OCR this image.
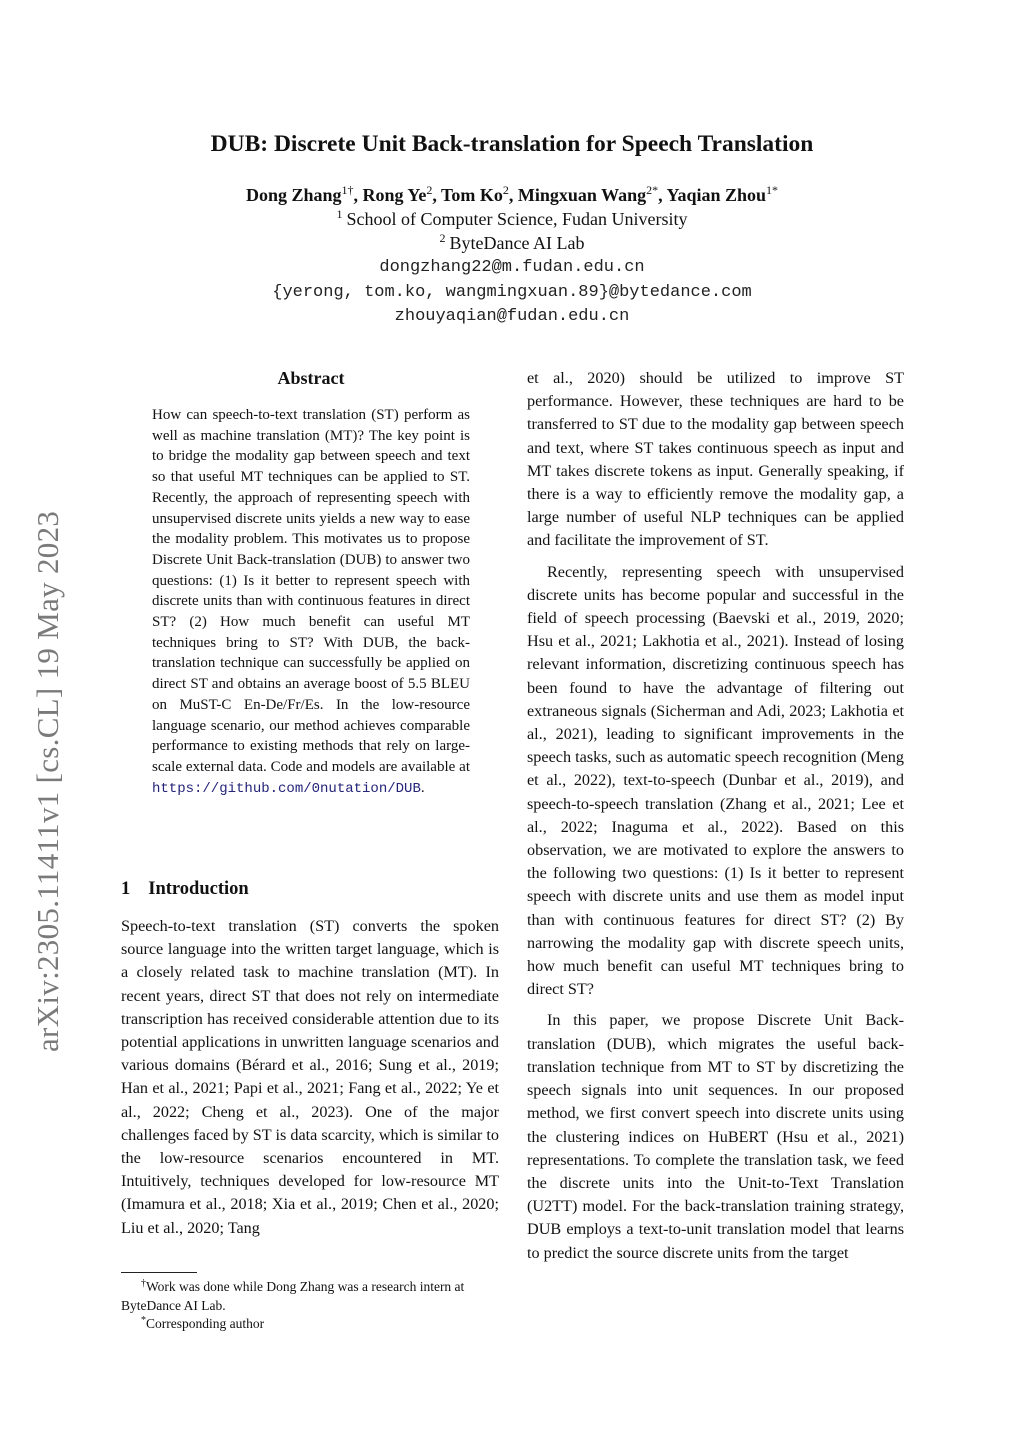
arXiv:2305.11411v1 [cs.CL] 19 May 2023
DUB: Discrete Unit Back-translation for Speech Translation
Dong Zhang$^{1\dagger}$, Rong Ye$^2$, Tom Ko$^2$, Mingxuan Wang$^{2*}$, Yaqian Zhou$^{1*}$
$^1$ School of Computer Science, Fudan University
$^2$ ByteDance AI Lab
dongzhang22@m.fudan.edu.cn
{yerong, tom.ko, wangmingxuan.89}@bytedance.com
zhouyaqian@fudan.edu.cn
Abstract

How can speech-to-text translation (ST) perform as well as machine translation (MT)? The key point is to bridge the modality gap between speech and text so that useful MT techniques can be applied to ST. Recently, the approach of representing speech with unsupervised discrete units yields a new way to ease the modality problem. This motivates us to propose Discrete Unit Back-translation (DUB) to answer two questions: (1) Is it better to represent speech with discrete units than with continuous features in direct ST? (2) How much benefit can useful MT techniques bring to ST? With DUB, the back-translation technique can successfully be applied on direct ST and obtains an average boost of 5.5 BLEU on MuST-C En-De/Fr/Es. In the low-resource language scenario, our method achieves comparable performance to existing methods that rely on large-scale external data. Code and models are available at https://github.com/0nutation/DUB.

1 Introduction

Speech-to-text translation (ST) converts the spoken source language into the written target language, which is a closely related task to machine translation (MT). In recent years, direct ST that does not rely on intermediate transcription has received considerable attention due to its potential applications in unwritten language scenarios and various domains (Bérard et al., 2016; Sung et al., 2019; Han et al., 2021; Papi et al., 2021; Fang et al., 2022; Ye et al., 2022; Cheng et al., 2023). One of the major challenges faced by ST is data scarcity, which is similar to the low-resource scenarios encountered in MT. Intuitively, techniques developed for low-resource MT (Imamura et al., 2018; Xia et al., 2019; Chen et al., 2020; Liu et al., 2020; Tang

et al., 2020) should be utilized to improve ST performance. However, these techniques are hard to be transferred to ST due to the modality gap between speech and text, where ST takes continuous speech as input and MT takes discrete tokens as input. Generally speaking, if there is a way to efficiently remove the modality gap, a large number of useful NLP techniques can be applied and facilitate the improvement of ST.

Recently, representing speech with unsupervised discrete units has become popular and successful in the field of speech processing (Baevski et al., 2019, 2020; Hsu et al., 2021; Lakhotia et al., 2021). Instead of losing relevant information, discretizing continuous speech has been found to have the advantage of filtering out extraneous signals (Sicherman and Adi, 2023; Lakhotia et al., 2021), leading to significant improvements in the speech tasks, such as automatic speech recognition (Meng et al., 2022), text-to-speech (Dunbar et al., 2019), and speech-to-speech translation (Zhang et al., 2021; Lee et al., 2022; Inaguma et al., 2022). Based on this observation, we are motivated to explore the answers to the following two questions: (1) Is it better to represent speech with discrete units and use them as model input than with continuous features for direct ST? (2) By narrowing the modality gap with discrete speech units, how much benefit can useful MT techniques bring to direct ST?

In this paper, we propose Discrete Unit Back-translation (DUB), which migrates the useful back-translation technique from MT to ST by discretizing the speech signals into unit sequences. In our proposed method, we first convert speech into discrete units using the clustering indices on HuBERT (Hsu et al., 2021) representations. To complete the translation task, we feed the discrete units into the Unit-to-Text Translation (U2TT) model. For the back-translation training strategy, DUB employs a text-to-unit translation model that learns to predict the source discrete units from the target

†Work was done while Dong Zhang was a research intern at ByteDance AI Lab.

*Corresponding author
